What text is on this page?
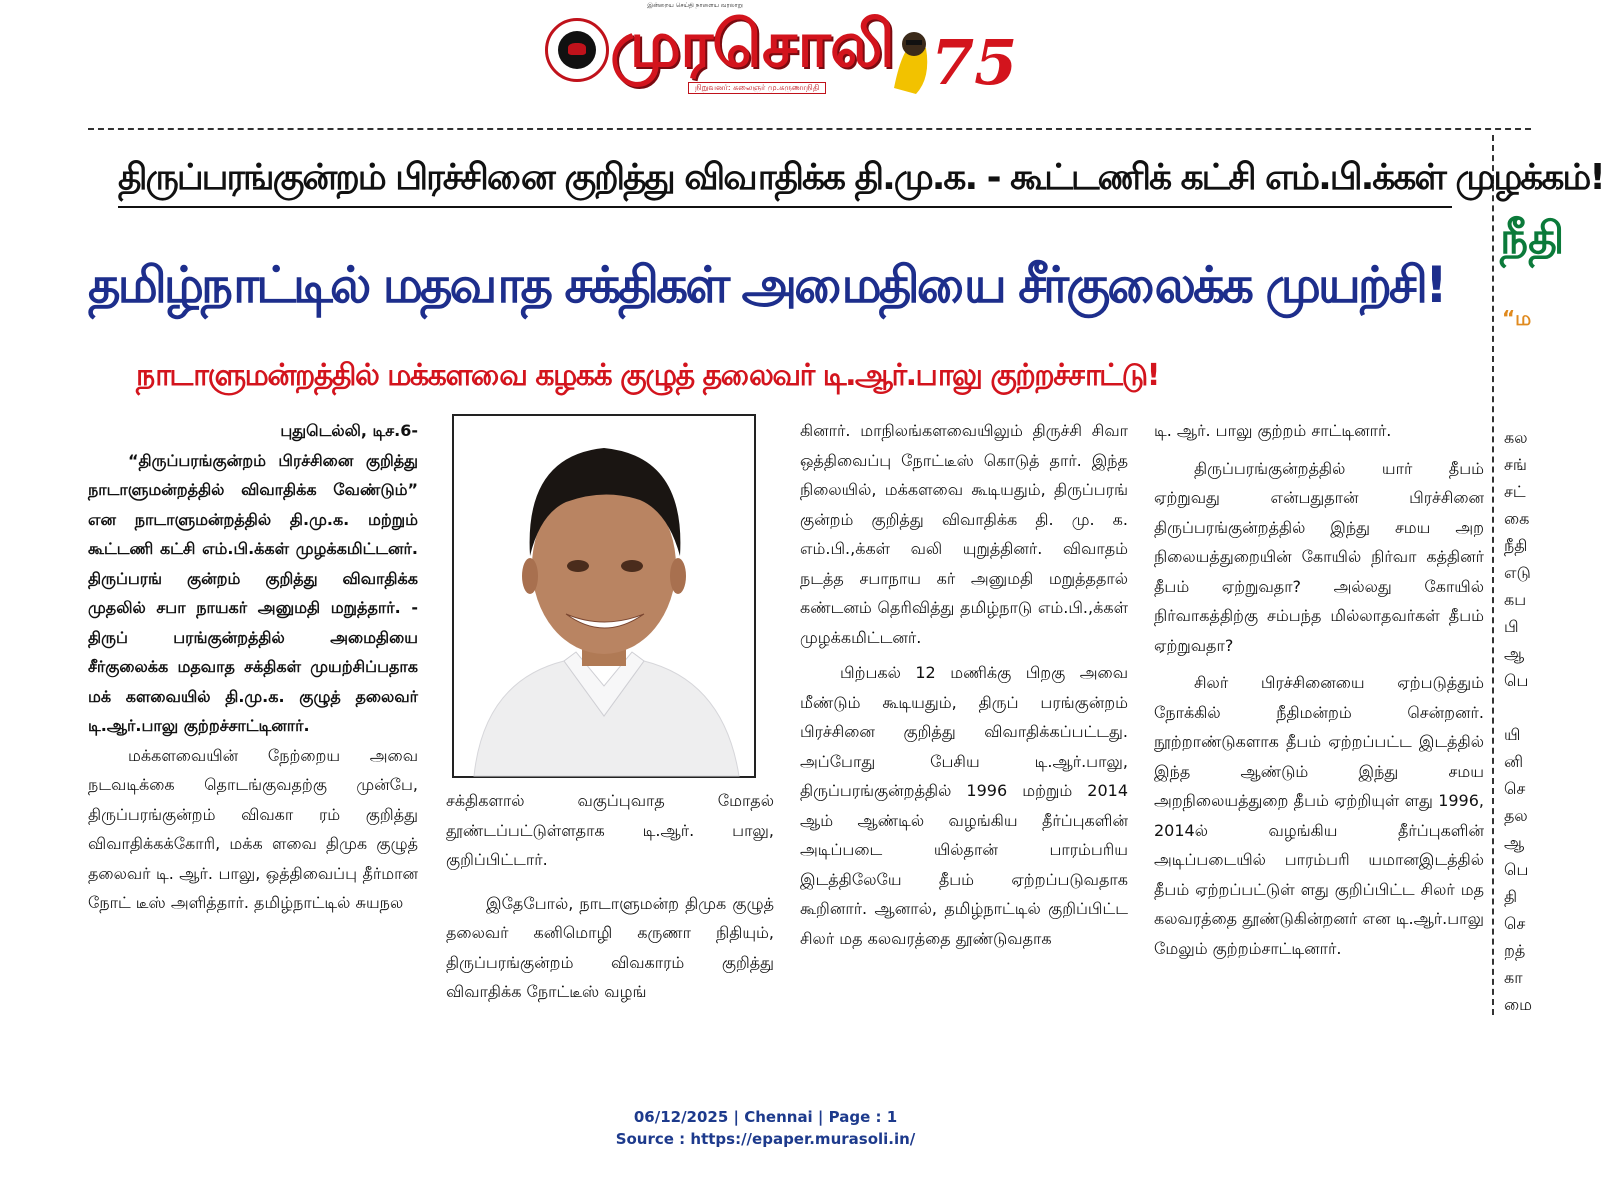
இன்றைய செய்தி நாளைய வரலாறு
முரசொலி
நிறுவனர்: கலைஞர் மு.கருணாநிதி 75
திருப்பரங்குன்றம் பிரச்சினை குறித்து விவாதிக்க தி.மு.க. - கூட்டணிக் கட்சி எம்.பி.க்கள் முழக்கம்!
தமிழ்நாட்டில் மதவாத சக்திகள் அமைதியை சீர்குலைக்க முயற்சி!
நாடாளுமன்றத்தில் மக்களவை கழகக் குழுத் தலைவர் டி.ஆர்.பாலு குற்றச்சாட்டு!

புதுடெல்லி, டிச.6-

“திருப்பரங்குன்றம் பிரச்சினை குறித்து நாடாளுமன்றத்தில் விவாதிக்க வேண்டும்” என நாடாளுமன்றத்தில் தி.மு.க. மற்றும் கூட்டணி கட்சி எம்.பி.க்கள் முழக்கமிட்டனர். திருப்பரங் குன்றம் குறித்து விவாதிக்க முதலில் சபா நாயகர் அனுமதி மறுத்தார். - திருப் பரங்குன்றத்தில் அமைதியை சீர்குலைக்க மதவாத சக்திகள் முயற்சிப்பதாக மக் களவையில் தி.மு.க. குழுத் தலைவர் டி.ஆர்.பாலு குற்றச்சாட்டினார்.

மக்களவையின் நேற்றைய அவை நடவடிக்கை தொடங்குவதற்கு முன்பே, திருப்பரங்குன்றம் விவகா ரம் குறித்து விவாதிக்கக்கோரி, மக்க ளவை திமுக குழுத் தலைவர் டி. ஆர். பாலு, ஒத்திவைப்பு தீர்மான நோட் டீஸ் அளித்தார். தமிழ்நாட்டில் சுயநல

சக்திகளால் வகுப்புவாத மோதல் தூண்டப்பட்டுள்ளதாக டி.ஆர். பாலு, குறிப்பிட்டார்.

இதேபோல், நாடாளுமன்ற திமுக குழுத் தலைவர் கனிமொழி கருணா நிதியும், திருப்பரங்குன்றம் விவகாரம் குறித்து விவாதிக்க நோட்டீஸ் வழங்

கினார். மாநிலங்களவையிலும் திருச்சி சிவா ஒத்திவைப்பு நோட்டீஸ் கொடுத் தார். இந்த நிலையில், மக்களவை கூடியதும், திருப்பரங் குன்றம் குறித்து விவாதிக்க தி. மு. க. எம்.பி.,க்கள் வலி யுறுத்தினர். விவாதம் நடத்த சபாநாய கர் அனுமதி மறுத்ததால் கண்டனம் தெரிவித்து தமிழ்நாடு எம்.பி.,க்கள் முழக்கமிட்டனர்.

பிற்பகல் 12 மணிக்கு பிறகு அவை மீண்டும் கூடியதும், திருப் பரங்குன்றம் பிரச்சினை குறித்து விவாதிக்கப்பட்டது. அப்போது பேசிய டி.ஆர்.பாலு, திருப்பரங்குன்றத்தில் 1996 மற்றும் 2014 ஆம் ஆண்டில் வழங்கிய தீர்ப்புகளின் அடிப்படை யில்தான் பாரம்பரிய இடத்திலேயே தீபம் ஏற்றப்படுவதாக கூறினார். ஆனால், தமிழ்நாட்டில் குறிப்பிட்ட சிலர் மத கலவரத்தை தூண்டுவதாக

டி. ஆர். பாலு குற்றம் சாட்டினார்.

திருப்பரங்குன்றத்தில் யார் தீபம் ஏற்றுவது என்பதுதான் பிரச்சினை திருப்பரங்குன்றத்தில் இந்து சமய அற நிலையத்துறையின் கோயில் நிர்வா கத்தினர் தீபம் ஏற்றுவதா? அல்லது கோயில் நிர்வாகத்திற்கு சம்பந்த மில்லாதவர்கள் தீபம் ஏற்றுவதா?

சிலர் பிரச்சினையை ஏற்படுத்தும் நோக்கில் நீதிமன்றம் சென்றனர். நூற்றாண்டுகளாக தீபம் ஏற்றப்பட்ட இடத்தில் இந்த ஆண்டும் இந்து சமய அறநிலையத்துறை தீபம் ஏற்றியுள் ளது 1996, 2014ல் வழங்கிய தீர்ப்புகளின் அடிப்படையில் பாரம்பரி யமானஇடத்தில் தீபம் ஏற்றப்பட்டுள் ளது குறிப்பிட்ட சிலர் மத கலவரத்தை தூண்டுகின்றனர் என டி.ஆர்.பாலு மேலும் குற்றம்சாட்டினார்.

நீதி
“ம
கல
சங்
சட்
கை
நீதி
எடு
கப
பி
ஆ
பெ
யி
னி
செ
தல
ஆ
பெ
தி
செ
றத்
கா
மை
06/12/2025 | Chennai | Page : 1
Source : https://epaper.murasoli.in/
